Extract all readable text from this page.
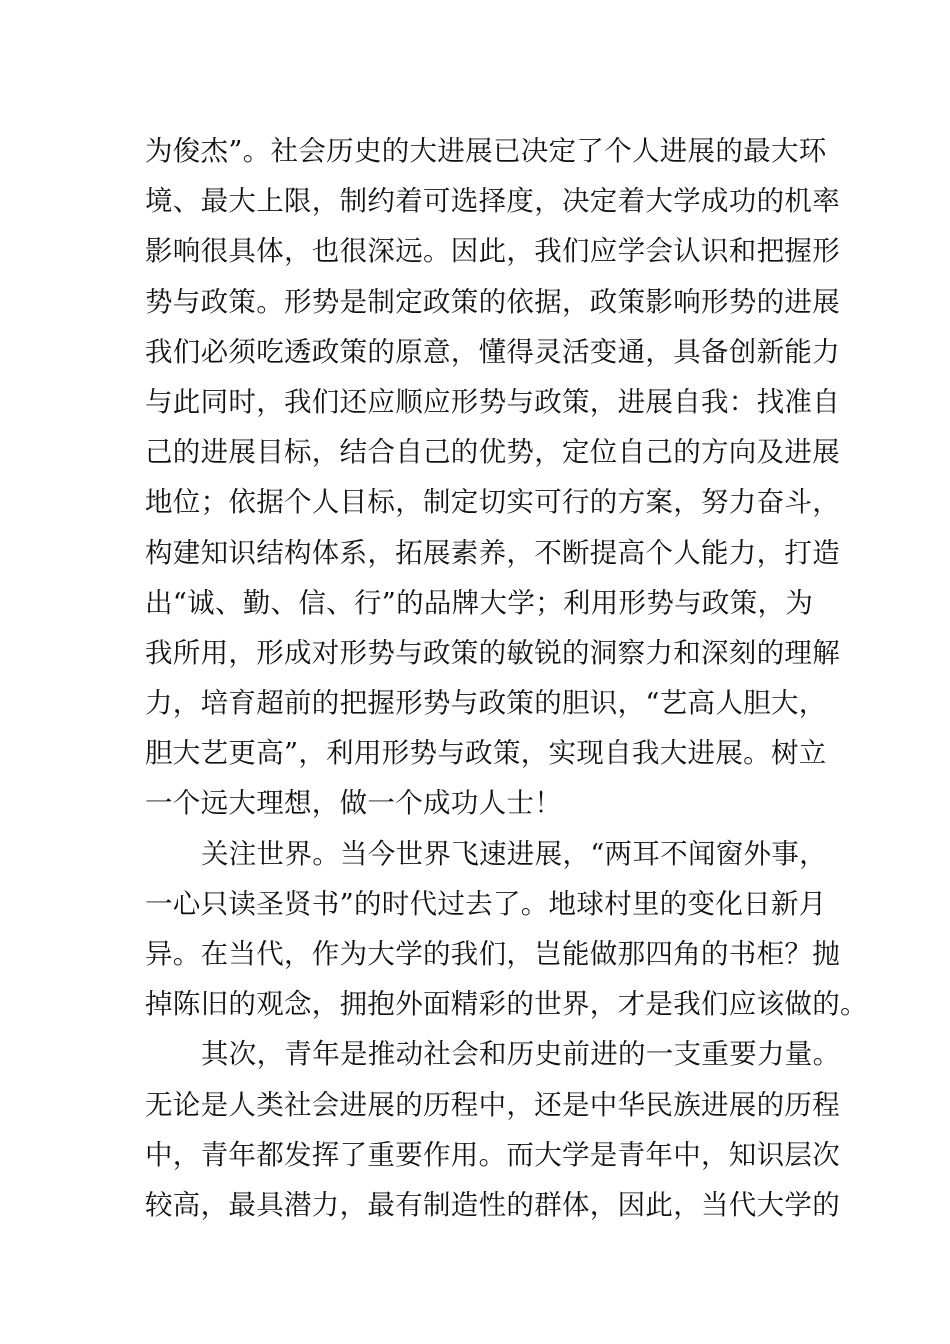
为俊杰”。社会历史的大进展已决定了个人进展的最大环
境、最大上限，制约着可选择度，决定着大学成功的机率
影响很具体，也很深远。因此，我们应学会认识和把握形
势与政策。形势是制定政策的依据，政策影响形势的进展
我们必须吃透政策的原意，懂得灵活变通，具备创新能力
与此同时，我们还应顺应形势与政策，进展自我：找准自
己的进展目标，结合自己的优势，定位自己的方向及进展
地位；依据个人目标，制定切实可行的方案，努力奋斗，
构建知识结构体系，拓展素养，不断提高个人能力，打造
出“诚、勤、信、行”的品牌大学；利用形势与政策，为
我所用，形成对形势与政策的敏锐的洞察力和深刻的理解
力，培育超前的把握形势与政策的胆识，“艺高人胆大，
胆大艺更高”，利用形势与政策，实现自我大进展。树立
一个远大理想，做一个成功人士！
关注世界。当今世界飞速进展，“两耳不闻窗外事，
一心只读圣贤书”的时代过去了。地球村里的变化日新月
异。在当代，作为大学的我们，岂能做那四角的书柜？抛
掉陈旧的观念，拥抱外面精彩的世界，才是我们应该做的。
其次，青年是推动社会和历史前进的一支重要力量。
无论是人类社会进展的历程中，还是中华民族进展的历程
中，青年都发挥了重要作用。而大学是青年中，知识层次
较高，最具潜力，最有制造性的群体，因此，当代大学的
